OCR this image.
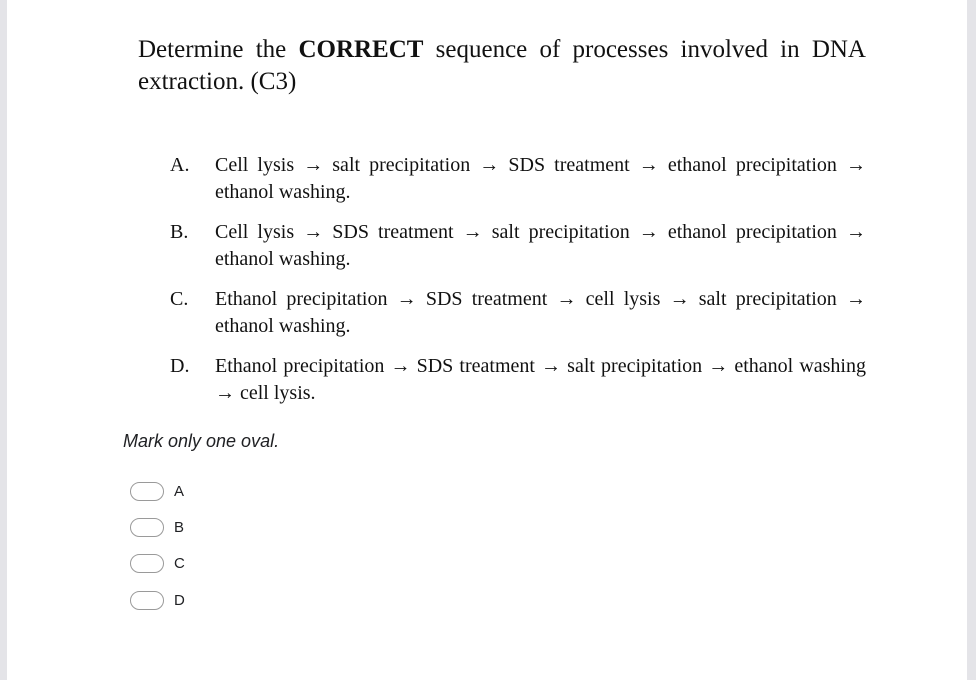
Determine the CORRECT sequence of processes involved in DNA extraction. (C3)
A. Cell lysis → salt precipitation → SDS treatment → ethanol precipitation → ethanol washing.
B. Cell lysis → SDS treatment → salt precipitation → ethanol precipitation → ethanol washing.
C. Ethanol precipitation → SDS treatment → cell lysis → salt precipitation → ethanol washing.
D. Ethanol precipitation → SDS treatment → salt precipitation → ethanol washing → cell lysis.
Mark only one oval.
A
B
C
D
